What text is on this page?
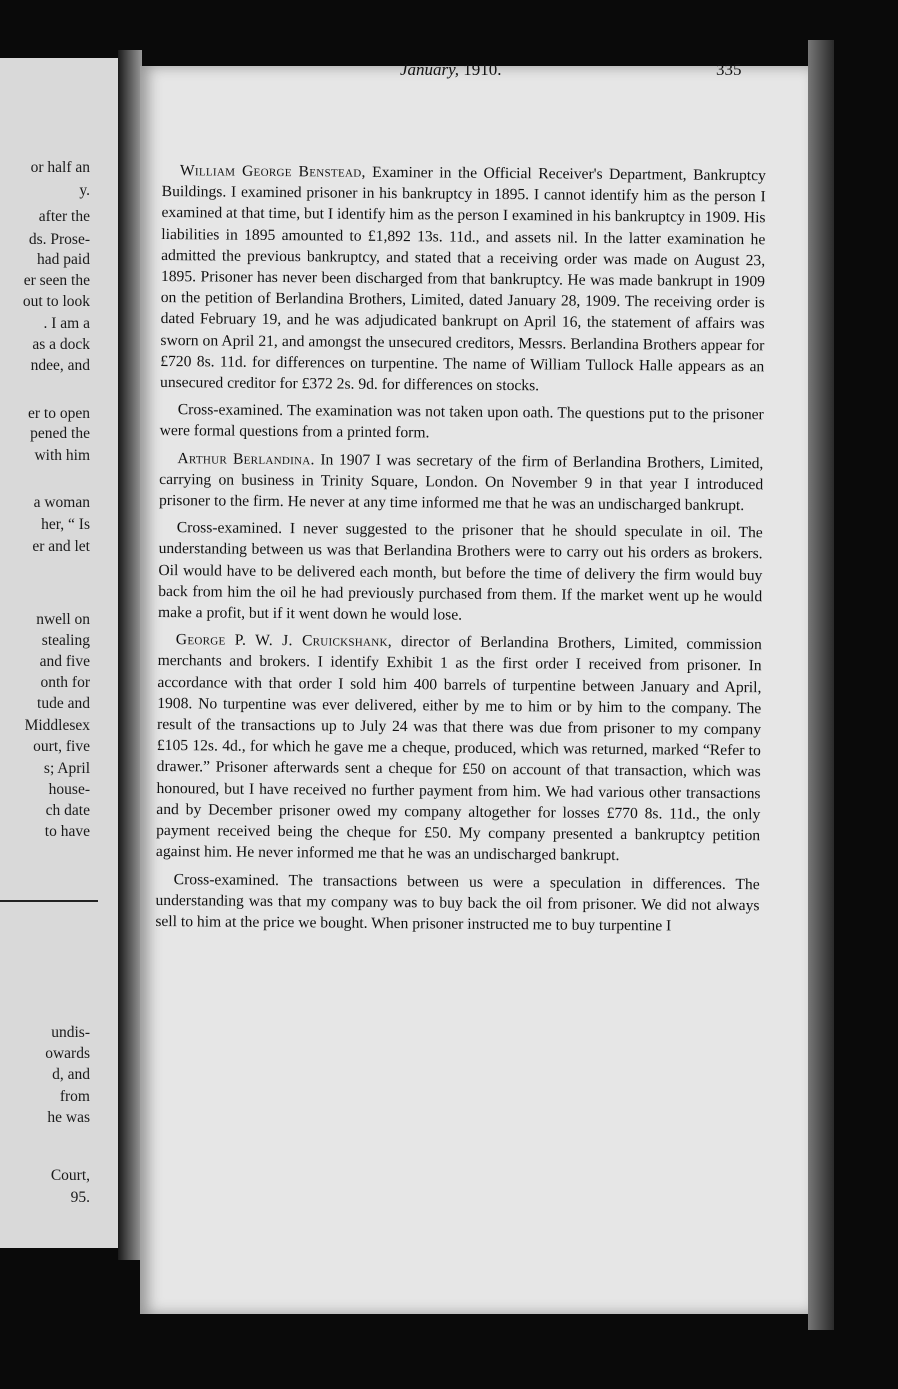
or half an
y.
after the
ds. Prose-
had paid
er seen the
out to look
. I am a
as a dock
ndee, and
er to open
pened the
with him
a woman
her, “ Is
er and let
nwell on
stealing
and five
onth for
tude and
Middlesex
ourt, five
s; April
house-
ch date
to have
undis-
owards
d, and
from
he was
Court,
95.
January, 1910.	335

William George Benstead, Examiner in the Official Receiver's Department, Bankruptcy Buildings. I examined prisoner in his bankruptcy in 1895. I cannot identify him as the person I examined at that time, but I identify him as the person I examined in his bankruptcy in 1909. His liabilities in 1895 amounted to £1,892 13s. 11d., and assets nil. In the latter examination he admitted the previous bankruptcy, and stated that a receiving order was made on August 23, 1895. Prisoner has never been discharged from that bankruptcy. He was made bankrupt in 1909 on the petition of Berlandina Brothers, Limited, dated January 28, 1909. The receiving order is dated February 19, and he was adjudicated bankrupt on April 16, the statement of affairs was sworn on April 21, and amongst the unsecured creditors, Messrs. Berlandina Brothers appear for £720 8s. 11d. for differences on turpentine. The name of William Tullock Halle appears as an unsecured creditor for £372 2s. 9d. for differences on stocks.

Cross-examined. The examination was not taken upon oath. The questions put to the prisoner were formal questions from a printed form.

Arthur Berlandina. In 1907 I was secretary of the firm of Berlandina Brothers, Limited, carrying on business in Trinity Square, London. On November 9 in that year I introduced prisoner to the firm. He never at any time informed me that he was an undischarged bankrupt.

Cross-examined. I never suggested to the prisoner that he should speculate in oil. The understanding between us was that Berlandina Brothers were to carry out his orders as brokers. Oil would have to be delivered each month, but before the time of delivery the firm would buy back from him the oil he had previously purchased from them. If the market went up he would make a profit, but if it went down he would lose.

George P. W. J. Cruickshank, director of Berlandina Brothers, Limited, commission merchants and brokers. I identify Exhibit 1 as the first order I received from prisoner. In accordance with that order I sold him 400 barrels of turpentine between January and April, 1908. No turpentine was ever delivered, either by me to him or by him to the company. The result of the transactions up to July 24 was that there was due from prisoner to my company £105 12s. 4d., for which he gave me a cheque, produced, which was returned, marked “Refer to drawer.” Prisoner afterwards sent a cheque for £50 on account of that transaction, which was honoured, but I have received no further payment from him. We had various other transactions and by December prisoner owed my company altogether for losses £770 8s. 11d., the only payment received being the cheque for £50. My company presented a bankruptcy petition against him. He never informed me that he was an undischarged bankrupt.

Cross-examined. The transactions between us were a speculation in differences. The understanding was that my company was to buy back the oil from prisoner. We did not always sell to him at the price we bought. When prisoner instructed me to buy turpentine I
